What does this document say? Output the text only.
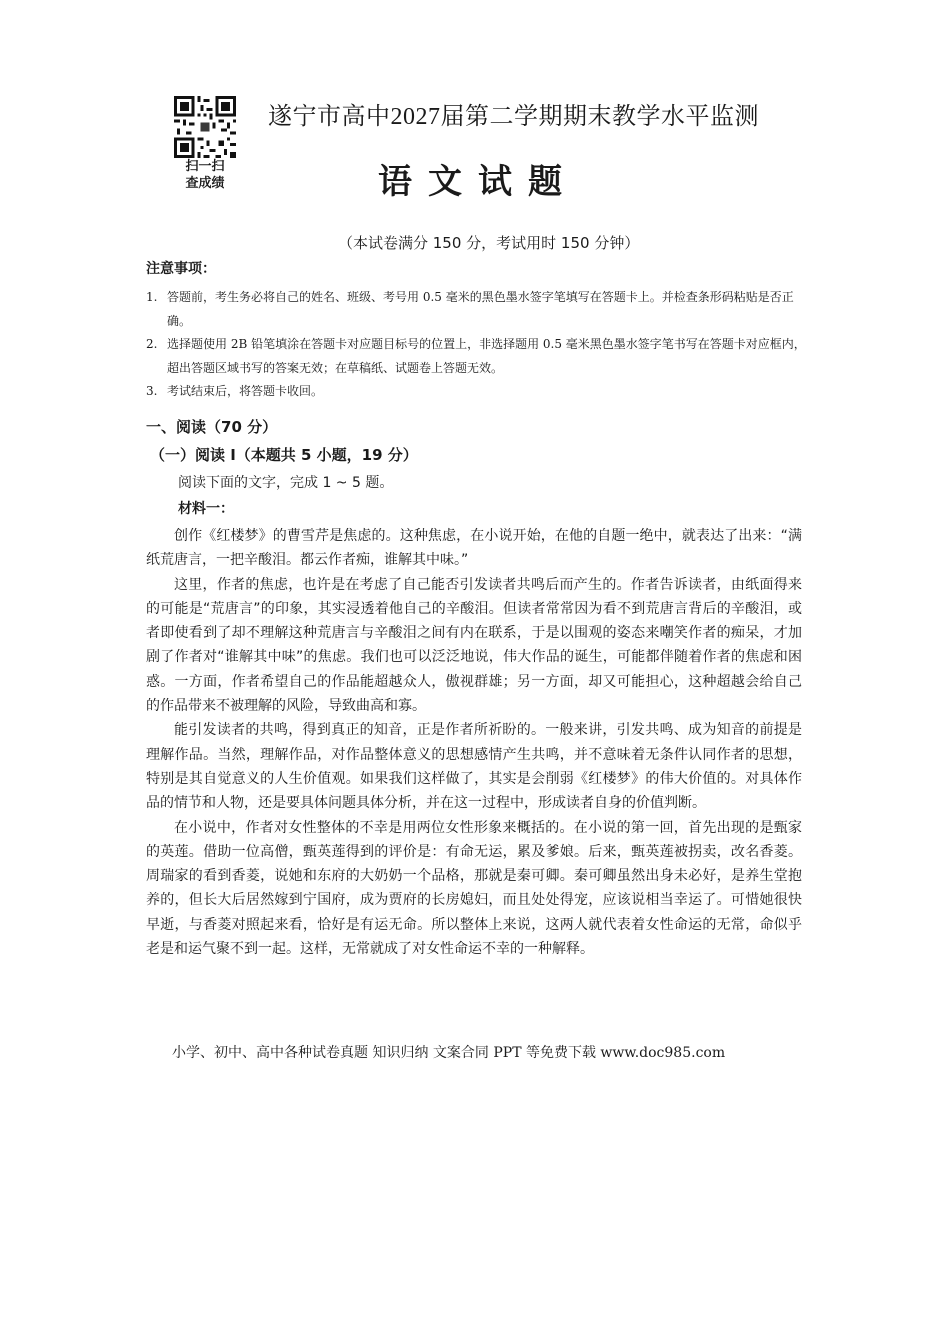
扫一扫
查成绩
遂宁市高中2027届第二学期期末教学水平监测
语文试题
（本试卷满分 150 分，考试用时 150 分钟）
注意事项：
1. 答题前，考生务必将自己的姓名、班级、考号用 0.5 毫米的黑色墨水签字笔填写在答题卡上。并检查条形码粘贴是否正确。
2. 选择题使用 2B 铅笔填涂在答题卡对应题目标号的位置上，非选择题用 0.5 毫米黑色墨水签字笔书写在答题卡对应框内，超出答题区域书写的答案无效；在草稿纸、试题卷上答题无效。
3. 考试结束后，将答题卡收回。
一、阅读（70 分）
（一）阅读 I（本题共 5 小题，19 分）
阅读下面的文字，完成 1 ~ 5 题。
材料一：

创作《红楼梦》的曹雪芹是焦虑的。这种焦虑，在小说开始，在他的自题一绝中，就表达了出来：“满纸荒唐言，一把辛酸泪。都云作者痴，谁解其中味。”

这里，作者的焦虑，也许是在考虑了自己能否引发读者共鸣后而产生的。作者告诉读者，由纸面得来的可能是“荒唐言”的印象，其实浸透着他自己的辛酸泪。但读者常常因为看不到荒唐言背后的辛酸泪，或者即使看到了却不理解这种荒唐言与辛酸泪之间有内在联系，于是以围观的姿态来嘲笑作者的痴呆，才加剧了作者对“谁解其中味”的焦虑。我们也可以泛泛地说，伟大作品的诞生，可能都伴随着作者的焦虑和困惑。一方面，作者希望自己的作品能超越众人，傲视群雄；另一方面，却又可能担心，这种超越会给自己的作品带来不被理解的风险，导致曲高和寡。

能引发读者的共鸣，得到真正的知音，正是作者所祈盼的。一般来讲，引发共鸣、成为知音的前提是理解作品。当然，理解作品，对作品整体意义的思想感情产生共鸣，并不意味着无条件认同作者的思想，特别是其自觉意义的人生价值观。如果我们这样做了，其实是会削弱《红楼梦》的伟大价值的。对具体作品的情节和人物，还是要具体问题具体分析，并在这一过程中，形成读者自身的价值判断。

在小说中，作者对女性整体的不幸是用两位女性形象来概括的。在小说的第一回，首先出现的是甄家的英莲。借助一位高僧，甄英莲得到的评价是：有命无运，累及爹娘。后来，甄英莲被拐卖，改名香菱。周瑞家的看到香菱，说她和东府的大奶奶一个品格，那就是秦可卿。秦可卿虽然出身未必好，是养生堂抱养的，但长大后居然嫁到宁国府，成为贾府的长房媳妇，而且处处得宠，应该说相当幸运了。可惜她很快早逝，与香菱对照起来看，恰好是有运无命。所以整体上来说，这两人就代表着女性命运的无常，命似乎老是和运气聚不到一起。这样，无常就成了对女性命运不幸的一种解释。

小学、初中、高中各种试卷真题 知识归纳 文案合同 PPT 等免费下载 www.doc985.com
